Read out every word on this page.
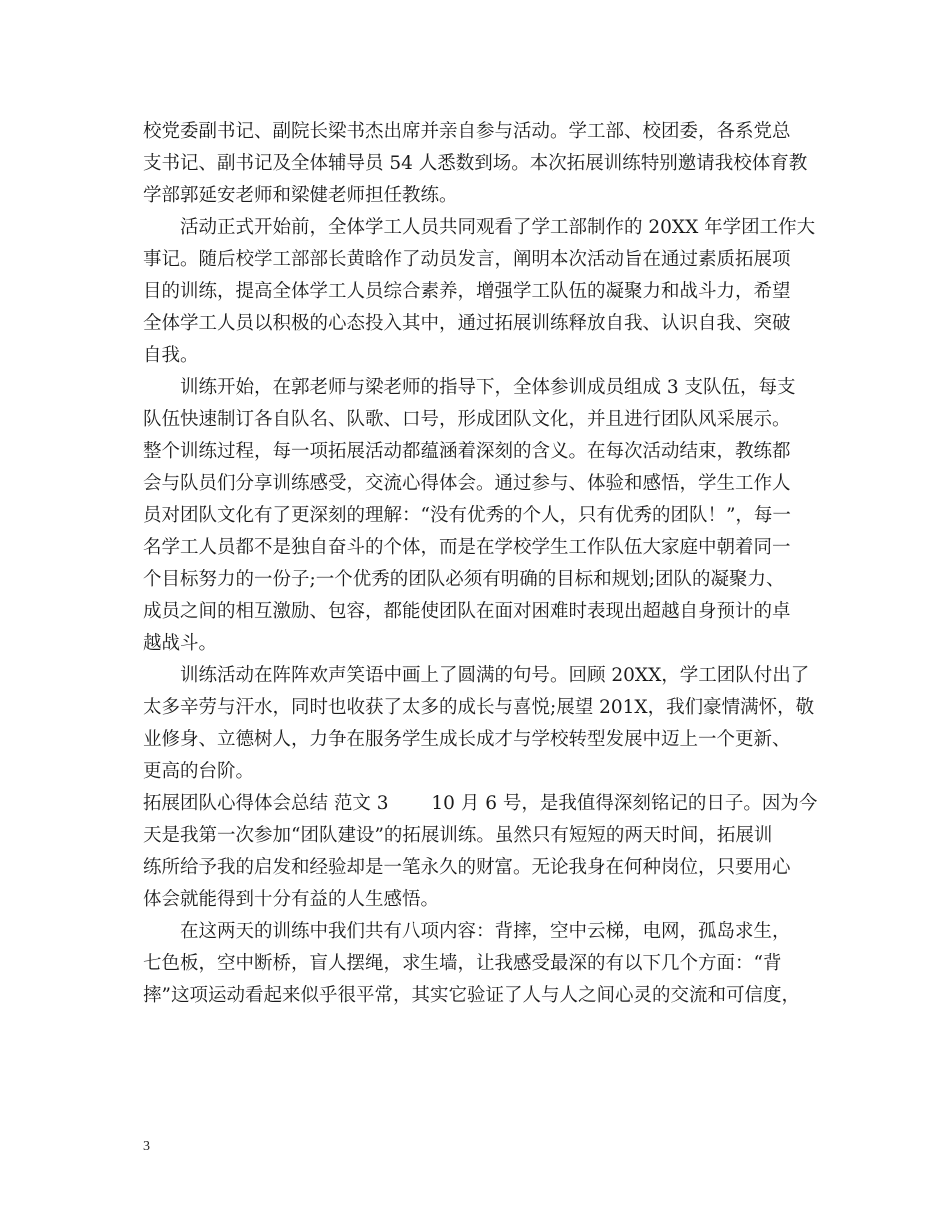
校党委副书记、副院长梁书杰出席并亲自参与活动。学工部、校团委，各系党总
支书记、副书记及全体辅导员 54 人悉数到场。本次拓展训练特别邀请我校体育教
学部郭延安老师和梁健老师担任教练。
　　活动正式开始前，全体学工人员共同观看了学工部制作的 20XX 年学团工作大
事记。随后校学工部部长黄晗作了动员发言，阐明本次活动旨在通过素质拓展项
目的训练，提高全体学工人员综合素养，增强学工队伍的凝聚力和战斗力，希望
全体学工人员以积极的心态投入其中，通过拓展训练释放自我、认识自我、突破
自我。
　　训练开始，在郭老师与梁老师的指导下，全体参训成员组成 3 支队伍，每支
队伍快速制订各自队名、队歌、口号，形成团队文化，并且进行团队风采展示。
整个训练过程，每一项拓展活动都蕴涵着深刻的含义。在每次活动结束，教练都
会与队员们分享训练感受，交流心得体会。通过参与、体验和感悟，学生工作人
员对团队文化有了更深刻的理解：“没有优秀的个人，只有优秀的团队！”，每一
名学工人员都不是独自奋斗的个体，而是在学校学生工作队伍大家庭中朝着同一
个目标努力的一份子;一个优秀的团队必须有明确的目标和规划;团队的凝聚力、
成员之间的相互激励、包容，都能使团队在面对困难时表现出超越自身预计的卓
越战斗。
　　训练活动在阵阵欢声笑语中画上了圆满的句号。回顾 20XX，学工团队付出了
太多辛劳与汗水，同时也收获了太多的成长与喜悦;展望 201X，我们豪情满怀，敬
业修身、立德树人，力争在服务学生成长成才与学校转型发展中迈上一个更新、
更高的台阶。
拓展团队心得体会总结 范文 3　　 10 月 6 号，是我值得深刻铭记的日子。因为今
天是我第一次参加“团队建设”的拓展训练。虽然只有短短的两天时间，拓展训
练所给予我的启发和经验却是一笔永久的财富。无论我身在何种岗位，只要用心
体会就能得到十分有益的人生感悟。
　　在这两天的训练中我们共有八项内容：背摔，空中云梯，电网，孤岛求生，
七色板，空中断桥，盲人摆绳，求生墙，让我感受最深的有以下几个方面：“背
摔”这项运动看起来似乎很平常，其实它验证了人与人之间心灵的交流和可信度，
3
